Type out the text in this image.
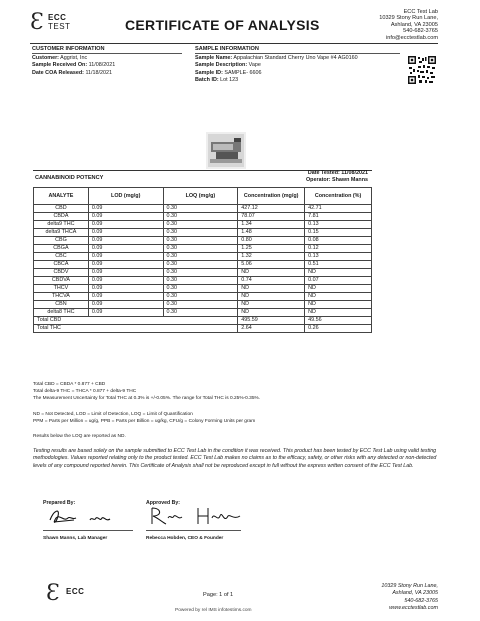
Ɛ ECC
TEST	CERTIFICATE OF ANALYSIS
ECC Test Lab
10329 Stony Run Lane,
Ashland, VA 23005
540-682-3765
info@ecctestlab.com
CUSTOMER INFORMATION
Customer: Aggrist, Inc
Sample Received On: 11/08/2021
Date COA Released: 11/18/2021
SAMPLE INFORMATION
Sample Name: Appalachian Standard Cherry Uno Vape #4 AG0160
Sample Description: Vape
Sample ID: SAMPLE- 6606
Batch ID: Lot 123
CANNABINOID POTENCY
Date Tested: 11/08/2021
Operator: Shawn Manns
ANALYTE	LOD (mg/g)	LOQ (mg/g)	Concentration (mg/g)	Concentration (%)
CBD	0.09	0.30	427.12	42.71
CBDA	0.09	0.30	78.07	7.81
delta9 THC	0.09	0.30	1.34	0.13
delta9 THCA	0.09	0.30	1.48	0.15
CBG	0.09	0.30	0.80	0.08
CBGA	0.09	0.30	1.25	0.12
CBC	0.09	0.30	1.32	0.13
CBCA	0.09	0.30	5.06	0.51
CBDV	0.09	0.30	ND	ND
CBDVA	0.09	0.30	0.74	0.07
THCV	0.09	0.30	ND	ND
THCVA	0.09	0.30	ND	ND
CBN	0.09	0.30	ND	ND
delta8 THC	0.09	0.30	ND	ND
Total CBD			495.59	49.56
Total THC			2.64	0.26
Total CBD = CBDA * 0.877 + CBD
Total delta-9 THC = THCA * 0.877 + delta-9 THC
The Measurement Uncertainty for Total THC at 0.3% is +/-0.05%. The range for Total THC is 0.25%-0.35%.
ND = Not Detected, LOD = Limit of Detection, LOQ = Limit of Quantification
PPM = Parts per Million = ug/g, PPB = Parts per Billion = ug/kg, CFU/g = Colony Forming Units per gram
Results below the LOQ are reported as ND.
Testing results are based solely on the sample submitted to ECC Test Lab in the condition it was received. This product has been tested by ECC Test Lab using valid testing methodologies. Values reported relating only to the product tested. ECC Test Lab makes no claims as to the efficacy, safety, or other risks with any detected or non-detected levels of any compound reported herein. This Certificate of Analysis shall not be reproduced except in full without the express written consent of the ECC Test Lab.
Prepared By:
Shawn Manns, Lab Manager
Approved By:
Rebecca Hobden, CEO & Founder
Ɛ ECC	Page: 1 of 1
Powered by rel IMS infotestims.com
10329 Stony Run Lane,
Ashland, VA 23005
540-682-3765
www.ecctestlab.com
